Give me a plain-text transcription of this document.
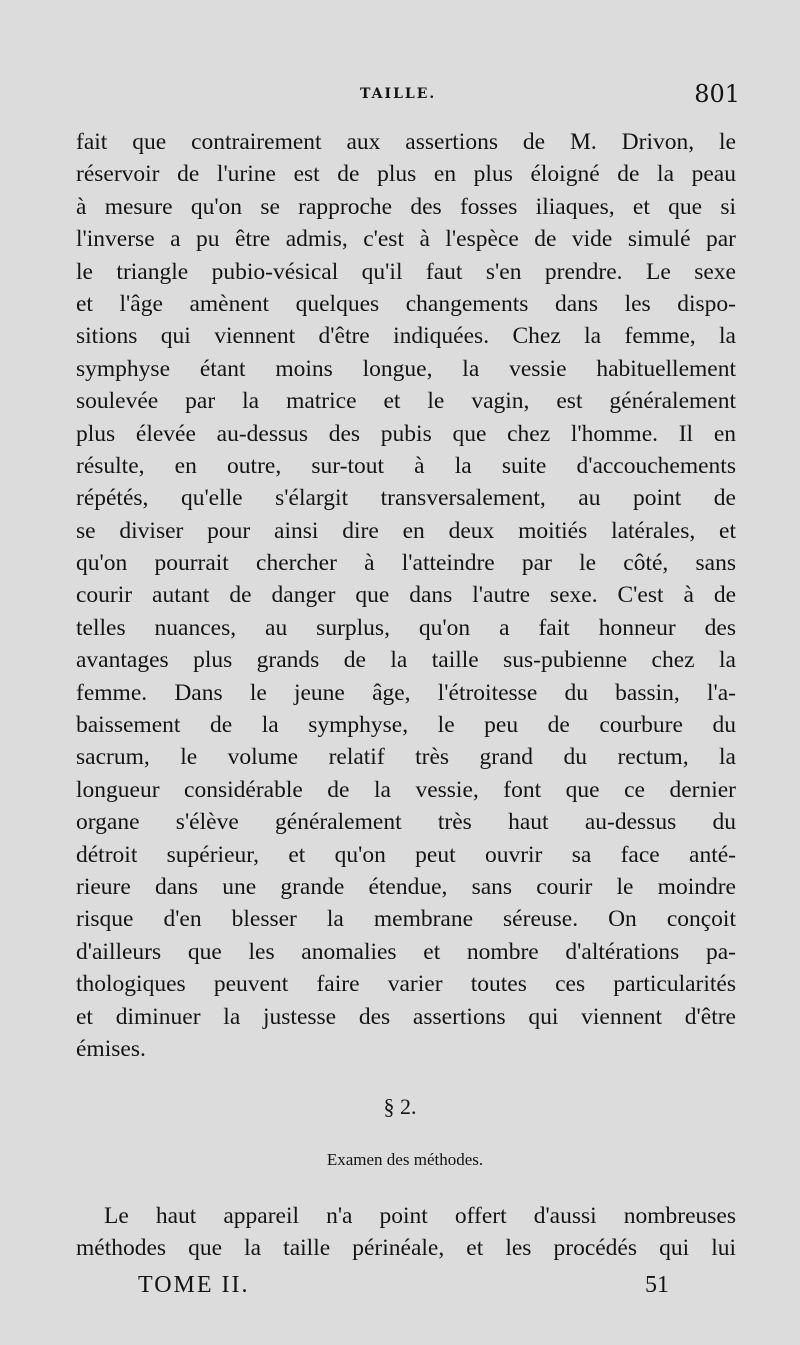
TAILLE.	801
fait que contrairement aux assertions de M. Drivon, le
réservoir de l'urine est de plus en plus éloigné de la peau
à mesure qu'on se rapproche des fosses iliaques, et que si
l'inverse a pu être admis, c'est à l'espèce de vide simulé par
le triangle pubio-vésical qu'il faut s'en prendre. Le sexe
et l'âge amènent quelques changements dans les dispo-
sitions qui viennent d'être indiquées. Chez la femme, la
symphyse étant moins longue, la vessie habituellement
soulevée par la matrice et le vagin, est généralement
plus élevée au-dessus des pubis que chez l'homme. Il en
résulte, en outre, sur-tout à la suite d'accouchements
répétés, qu'elle s'élargit transversalement, au point de
se diviser pour ainsi dire en deux moitiés latérales, et
qu'on pourrait chercher à l'atteindre par le côté, sans
courir autant de danger que dans l'autre sexe. C'est à de
telles nuances, au surplus, qu'on a fait honneur des
avantages plus grands de la taille sus-pubienne chez la
femme. Dans le jeune âge, l'étroitesse du bassin, l'a-
baissement de la symphyse, le peu de courbure du
sacrum, le volume relatif très grand du rectum, la
longueur considérable de la vessie, font que ce dernier
organe s'élève généralement très haut au-dessus du
détroit supérieur, et qu'on peut ouvrir sa face anté-
rieure dans une grande étendue, sans courir le moindre
risque d'en blesser la membrane séreuse. On conçoit
d'ailleurs que les anomalies et nombre d'altérations pa-
thologiques peuvent faire varier toutes ces particularités
et diminuer la justesse des assertions qui viennent d'être
émises.
§ 2.
Examen des méthodes.
Le haut appareil n'a point offert d'aussi nombreuses
méthodes que la taille périnéale, et les procédés qui lui
TOME II.	51
